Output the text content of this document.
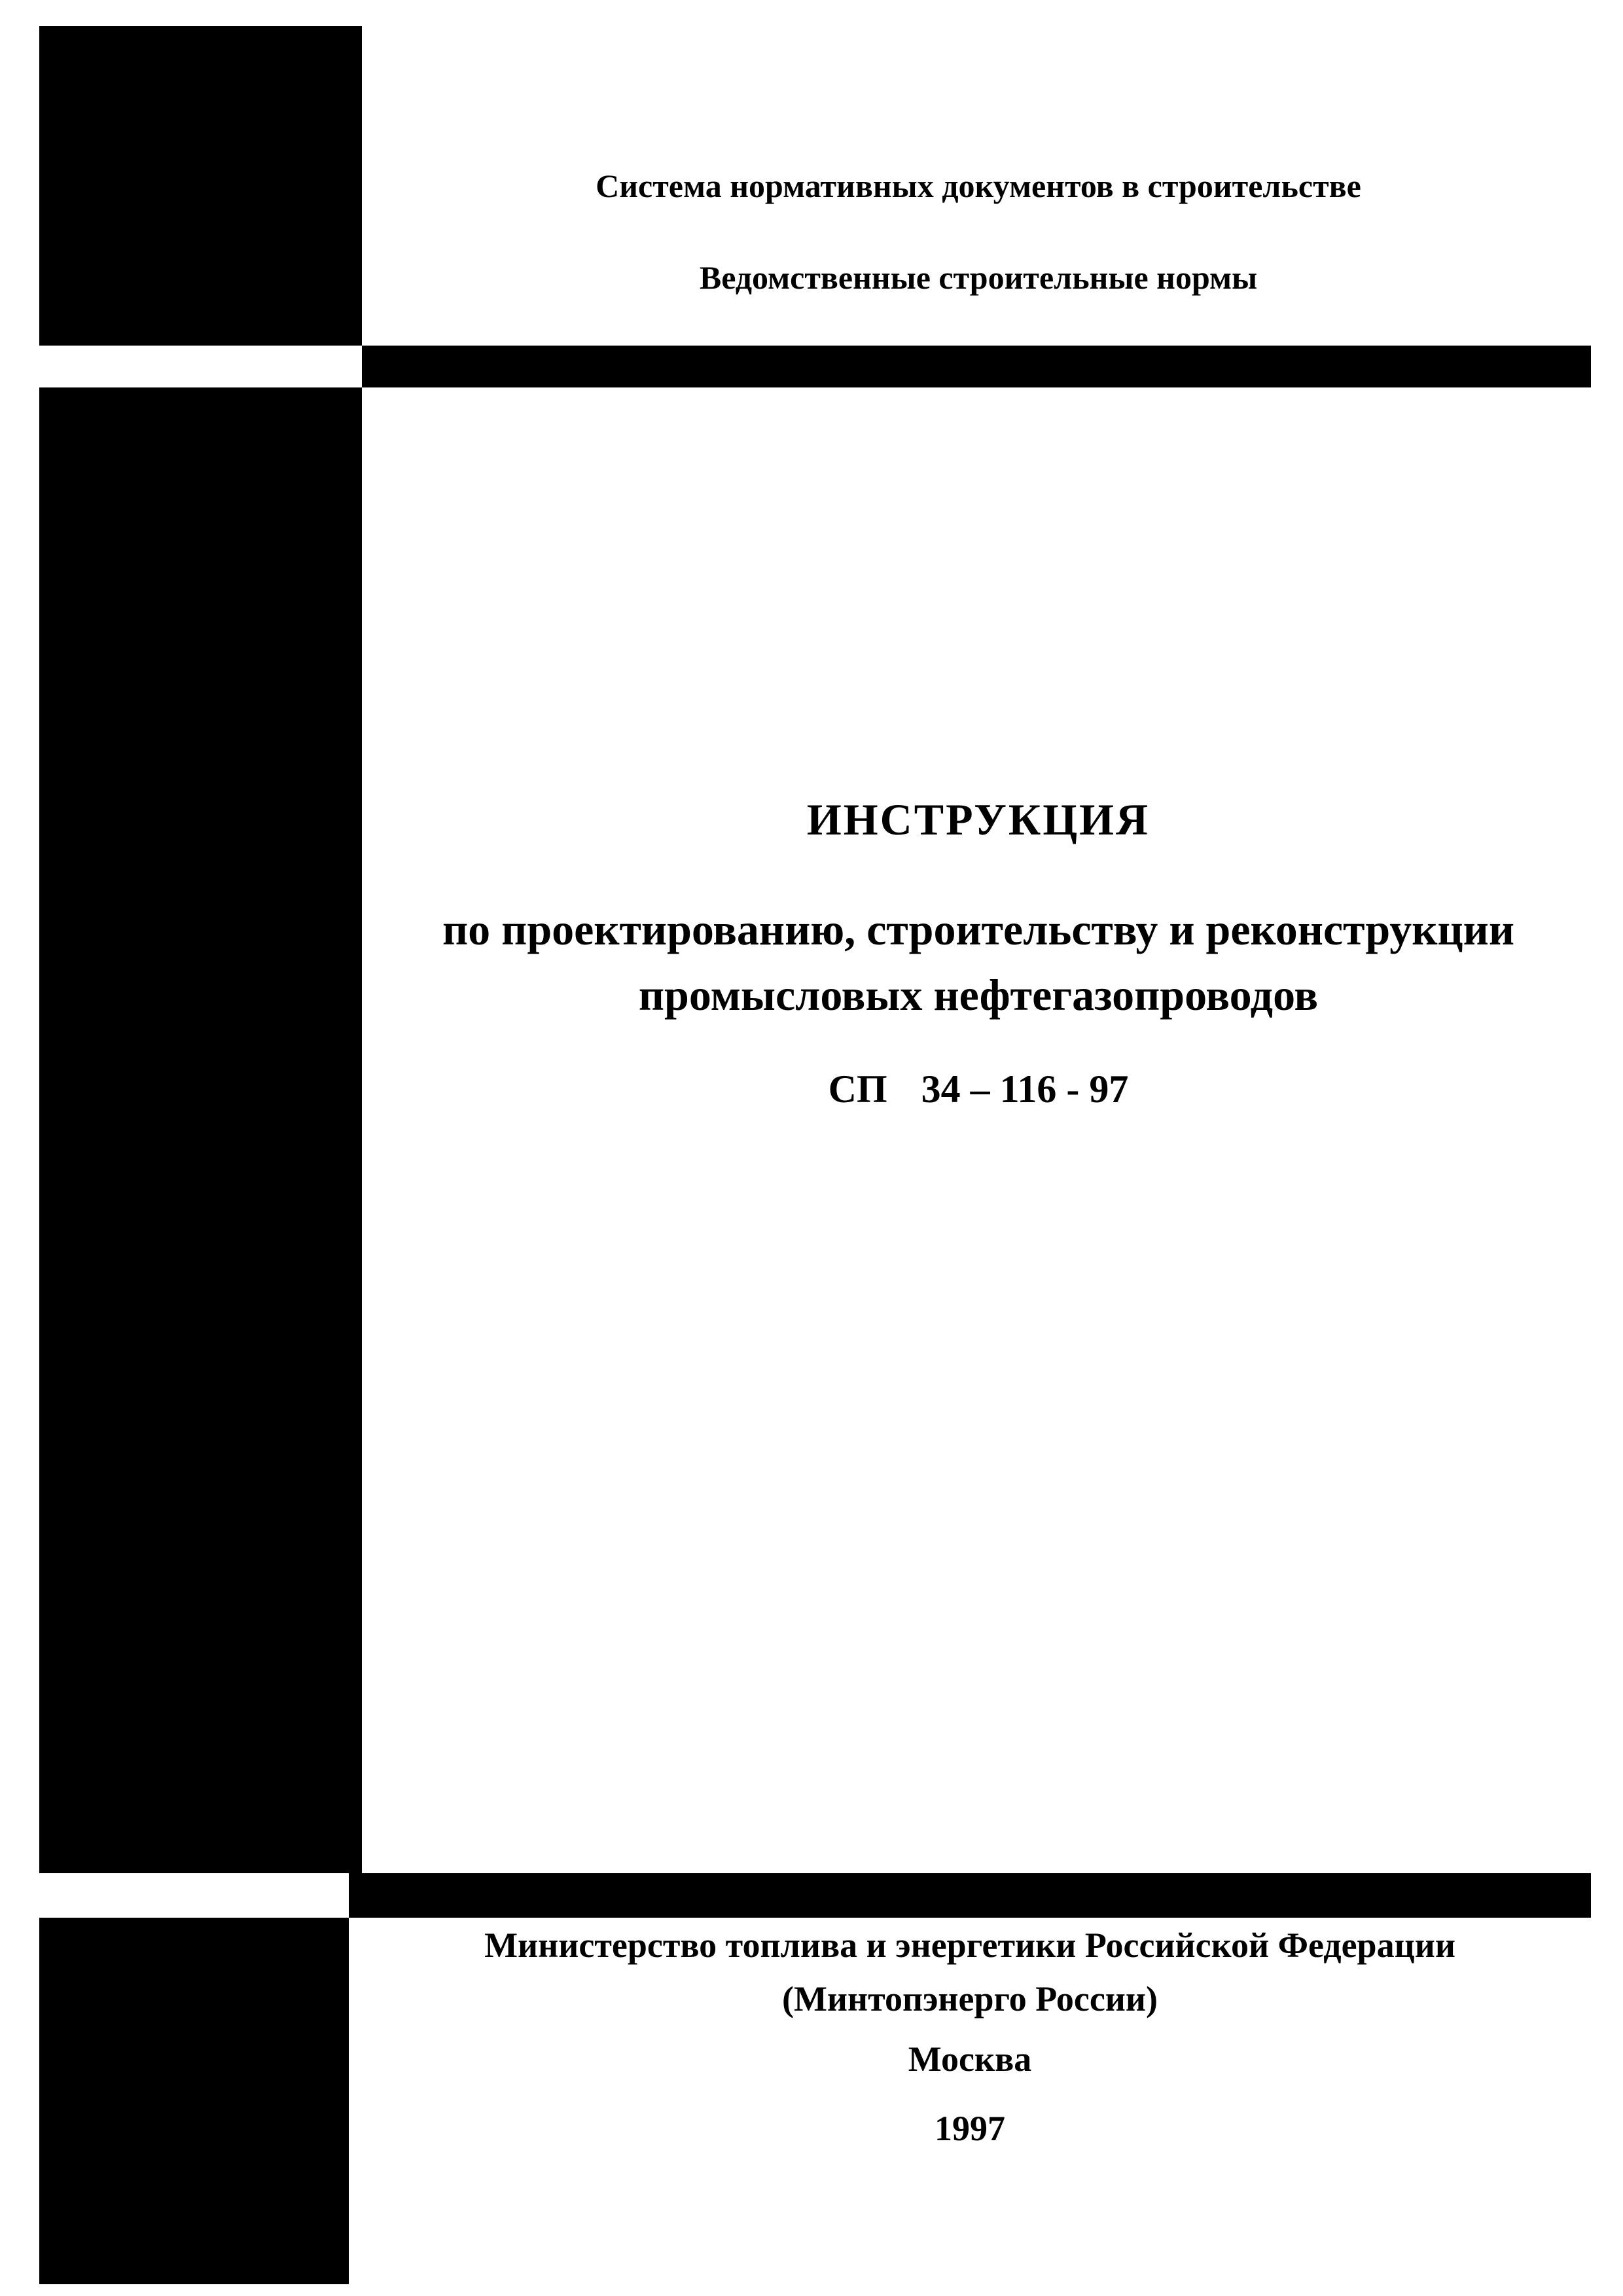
Система нормативных документов в строительстве
Ведомственные строительные нормы
ИНСТРУКЦИЯ
по проектированию, строительству и реконструкции
промысловых нефтегазопроводов
СП 34 – 116 - 97
Министерство топлива и энергетики Российской Федерации
(Минтопэнерго России)
Москва
1997
